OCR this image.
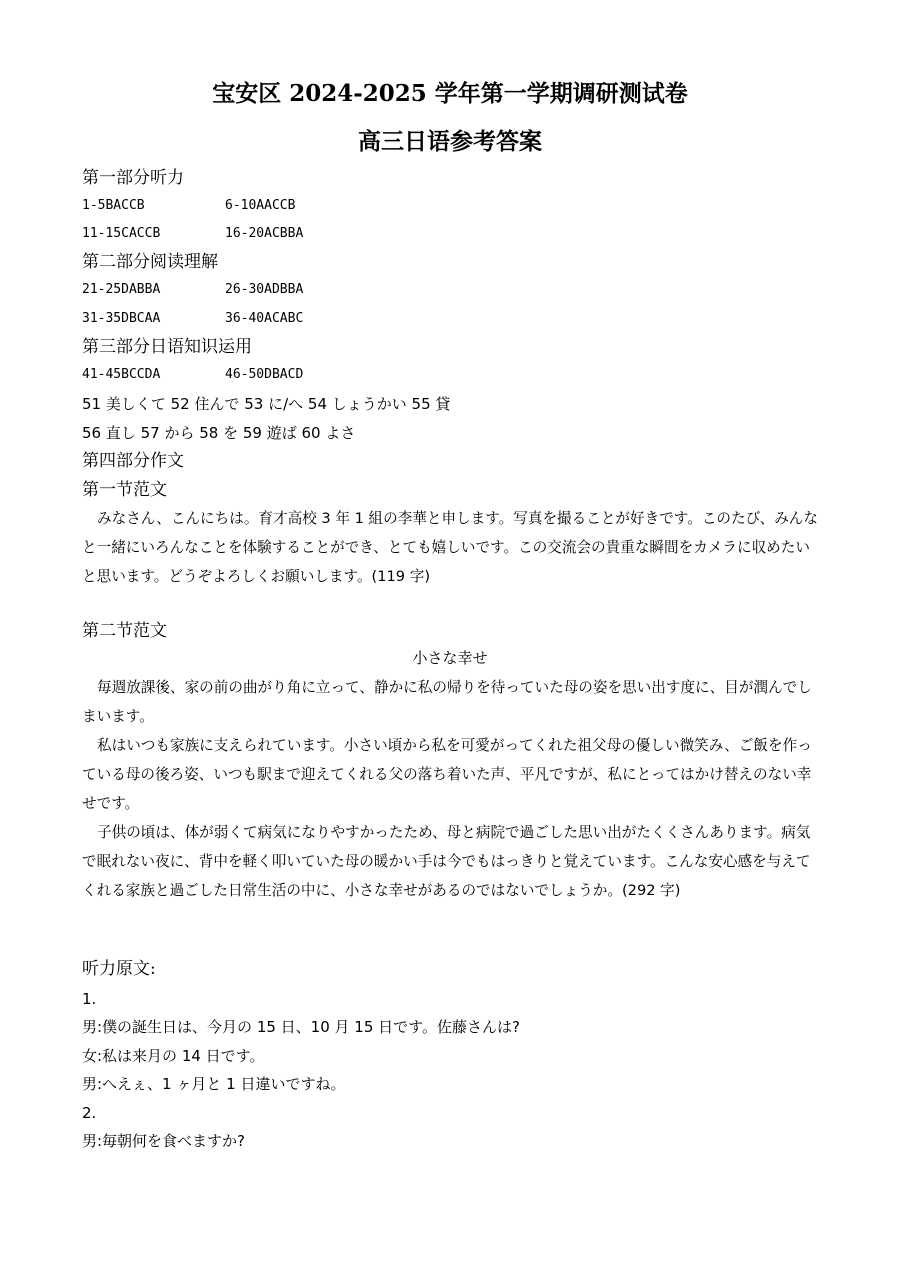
宝安区 2024-2025 学年第一学期调研测试卷
高三日语参考答案
第一部分听力
1-5BACCB	6-10AACCB
11-15CACCB	16-20ACBBA
第二部分阅读理解
21-25DABBA	26-30ADBBA
31-35DBCAA	36-40ACABC
第三部分日语知识运用
41-45BCCDA	46-50DBACD
51 美しくて 52 住んで 53 に/へ 54 しょうかい 55 貸
56 直し 57 から 58 を 59 遊ば 60 よさ
第四部分作文
第一节范文

みなさん、こんにちは。育才高校 3 年 1 組の李華と申します。写真を撮ることが好きです。このたび、みんなと一緒にいろんなことを体験することができ、とても嬉しいです。この交流会の貴重な瞬間をカメラに収めたいと思います。どうぞよろしくお願いします。(119 字)

第二节范文
小さな幸せ

毎週放課後、家の前の曲がり角に立って、静かに私の帰りを待っていた母の姿を思い出す度に、目が潤んでしまいます。

私はいつも家族に支えられています。小さい頃から私を可愛がってくれた祖父母の優しい微笑み、ご飯を作っている母の後ろ姿、いつも駅まで迎えてくれる父の落ち着いた声、平凡ですが、私にとってはかけ替えのない幸せです。

子供の頃は、体が弱くて病気になりやすかったため、母と病院で過ごした思い出がたくくさんあります。病気で眠れない夜に、背中を軽く叩いていた母の暖かい手は今でもはっきりと覚えています。こんな安心感を与えてくれる家族と過ごした日常生活の中に、小さな幸せがあるのではないでしょうか。(292 字)

听力原文:
1.
男:僕の誕生日は、今月の 15 日、10 月 15 日です。佐藤さんは?
女:私は来月の 14 日です。
男:へえぇ、1 ヶ月と 1 日違いですね。
2.
男:毎朝何を食べますか?
